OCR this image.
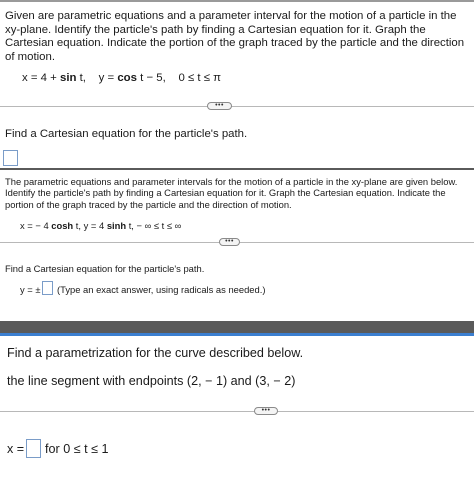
Given are parametric equations and a parameter interval for the motion of a particle in the xy-plane. Identify the particle's path by finding a Cartesian equation for it. Graph the Cartesian equation. Indicate the portion of the graph traced by the particle and the direction of motion.

x = 4 + sin t, y = cos t − 5, 0 ≤ t ≤ π
•••

Find a Cartesian equation for the particle's path.

The parametric equations and parameter intervals for the motion of a particle in the xy-plane are given below. Identify the particle's path by finding a Cartesian equation for it. Graph the Cartesian equation. Indicate the portion of the graph traced by the particle and the direction of motion.

x = − 4 cosh t, y = 4 sinh t, − ∞ ≤ t ≤ ∞
•••

Find a Cartesian equation for the particle's path.

y = ± (Type an exact answer, using radicals as needed.)

Find a parametrization for the curve described below.

the line segment with endpoints (2, − 1) and (3, − 2)

•••
x = for 0 ≤ t ≤ 1
